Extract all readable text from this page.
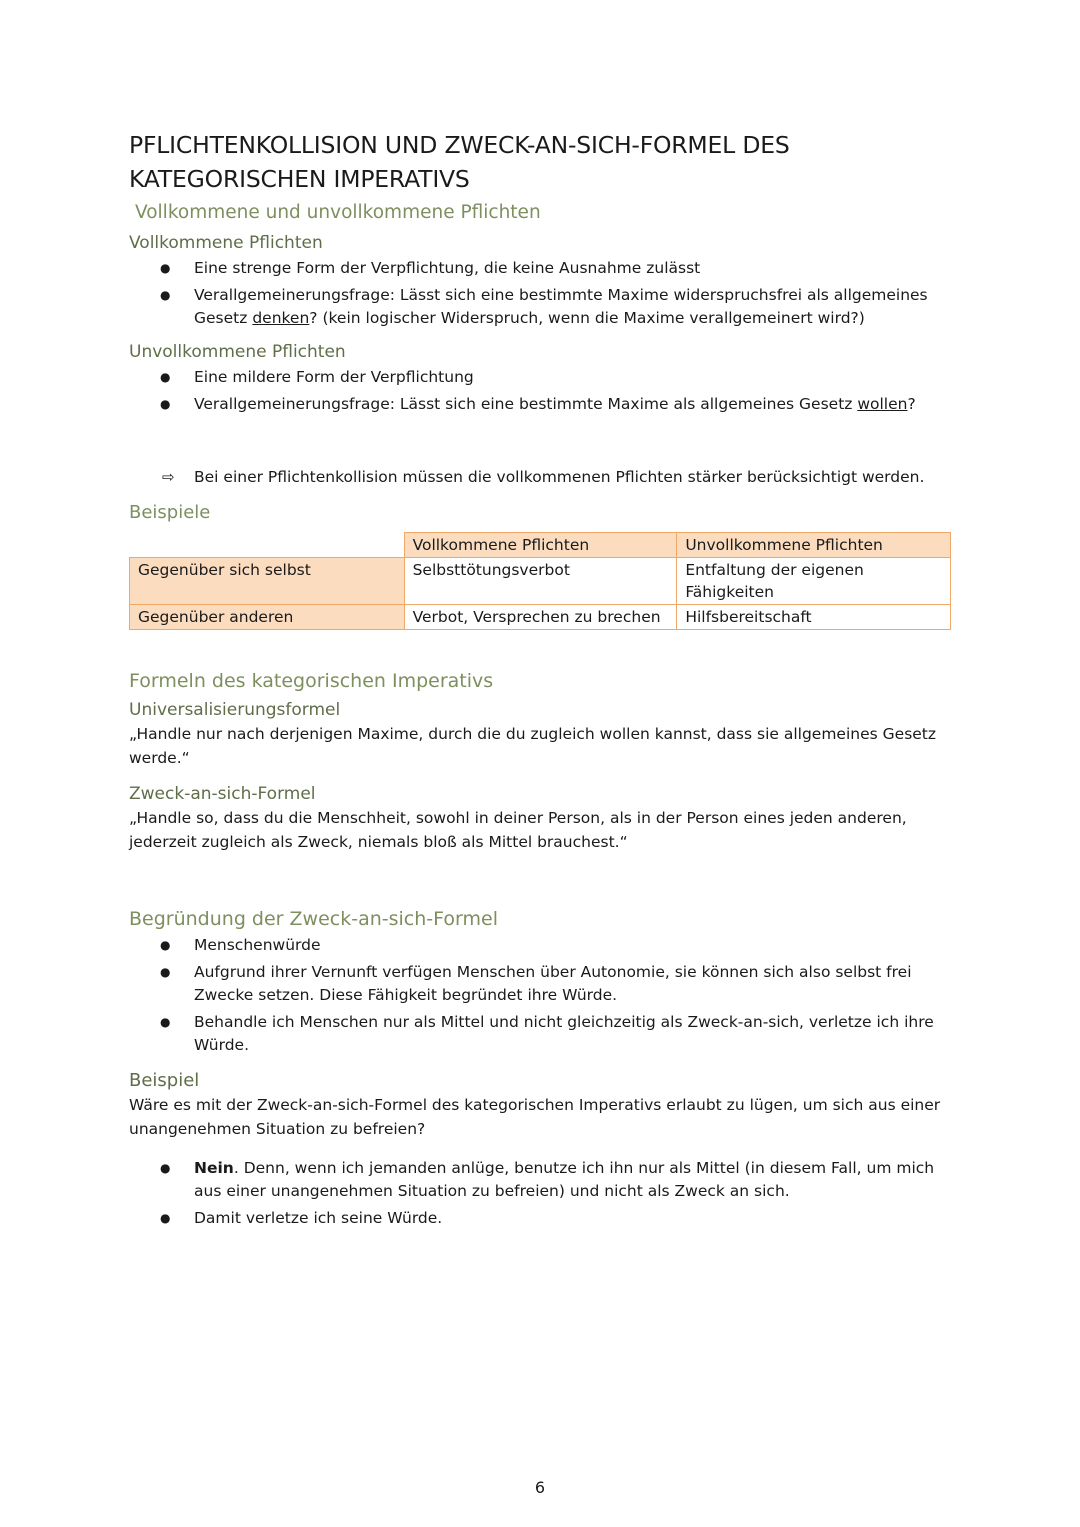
PFLICHTENKOLLISION UND ZWECK-AN-SICH-FORMEL DES
KATEGORISCHEN IMPERATIVS
Vollkommene und unvollkommene Pflichten
Vollkommene Pflichten
● Eine strenge Form der Verpflichtung, die keine Ausnahme zulässt
● Verallgemeinerungsfrage: Lässt sich eine bestimmte Maxime widerspruchsfrei als allgemeines Gesetz denken? (kein logischer Widerspruch, wenn die Maxime verallgemeinert wird?)
Unvollkommene Pflichten
● Eine mildere Form der Verpflichtung
● Verallgemeinerungsfrage: Lässt sich eine bestimmte Maxime als allgemeines Gesetz wollen?
⇨ Bei einer Pflichtenkollision müssen die vollkommenen Pflichten stärker berücksichtigt werden.
Beispiele
	Vollkommene Pflichten	Unvollkommene Pflichten
Gegenüber sich selbst	Selbsttötungsverbot	Entfaltung der eigenen Fähigkeiten
Gegenüber anderen	Verbot, Versprechen zu brechen	Hilfsbereitschaft
Formeln des kategorischen Imperativs
Universalisierungsformel
„Handle nur nach derjenigen Maxime, durch die du zugleich wollen kannst, dass sie allgemeines Gesetz werde.“
Zweck-an-sich-Formel
„Handle so, dass du die Menschheit, sowohl in deiner Person, als in der Person eines jeden anderen, jederzeit zugleich als Zweck, niemals bloß als Mittel brauchest.“
Begründung der Zweck-an-sich-Formel
● Menschenwürde
● Aufgrund ihrer Vernunft verfügen Menschen über Autonomie, sie können sich also selbst frei Zwecke setzen. Diese Fähigkeit begründet ihre Würde.
● Behandle ich Menschen nur als Mittel und nicht gleichzeitig als Zweck-an-sich, verletze ich ihre Würde.
Beispiel
Wäre es mit der Zweck-an-sich-Formel des kategorischen Imperativs erlaubt zu lügen, um sich aus einer unangenehmen Situation zu befreien?
● Nein. Denn, wenn ich jemanden anlüge, benutze ich ihn nur als Mittel (in diesem Fall, um mich aus einer unangenehmen Situation zu befreien) und nicht als Zweck an sich.
● Damit verletze ich seine Würde.
6
